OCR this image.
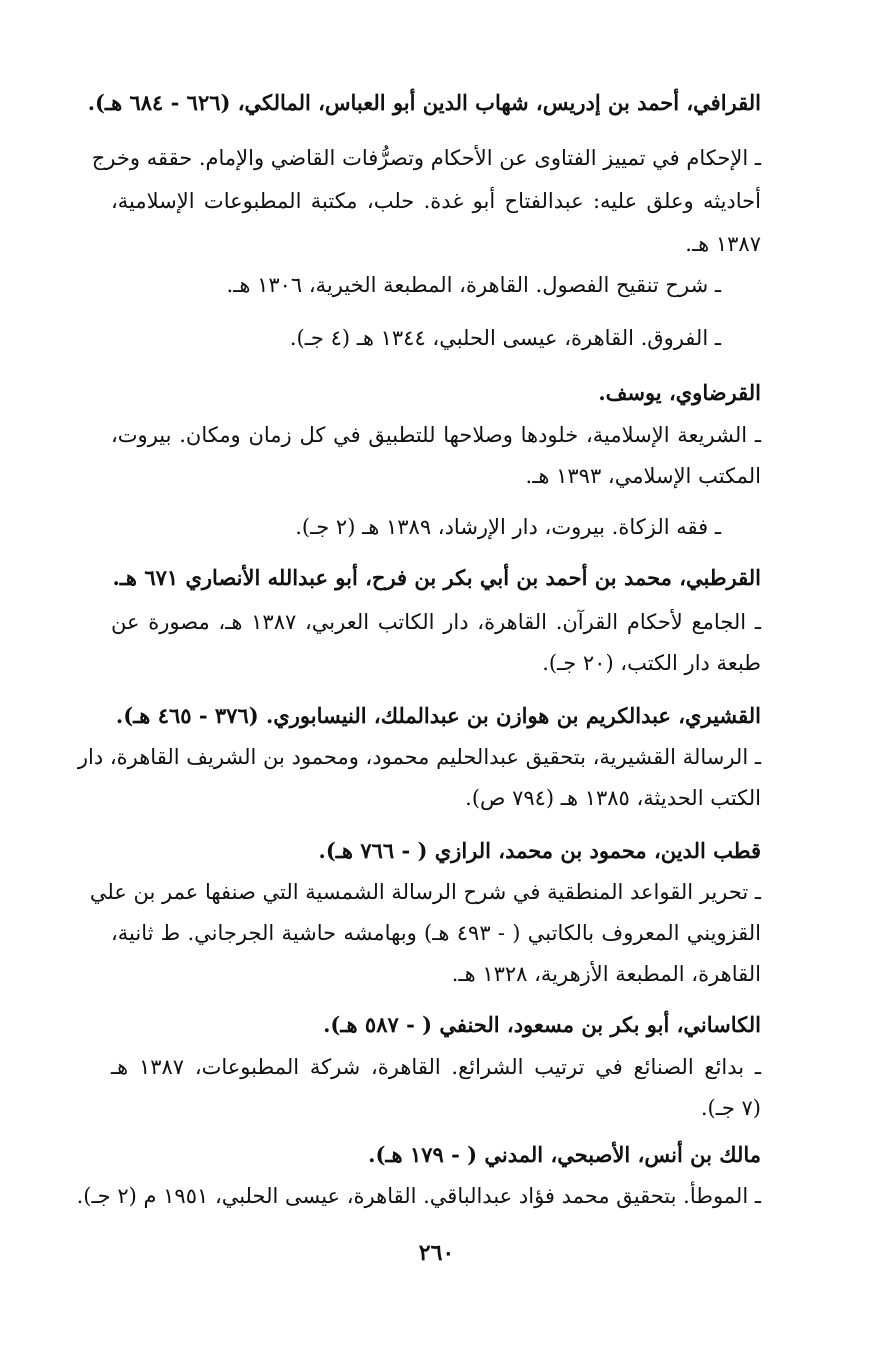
القرافي، أحمد بن إدريس، شهاب الدين أبو العباس، المالكي، (٦٢٦ - ٦٨٤ هـ).
ـ الإحكام في تمييز الفتاوى عن الأحكام وتصرُّفات القاضي والإمام. حققه وخرج
أحاديثه وعلق عليه: عبدالفتاح أبو غدة. حلب، مكتبة المطبوعات الإسلامية،
١٣٨٧ هـ.
ـ شرح تنقيح الفصول. القاهرة، المطبعة الخيرية، ١٣٠٦ هـ.
ـ الفروق. القاهرة، عيسى الحلبي، ١٣٤٤ هـ (٤ جـ).
القرضاوي، يوسف.
ـ الشريعة الإسلامية، خلودها وصلاحها للتطبيق في كل زمان ومكان. بيروت،
المكتب الإسلامي، ١٣٩٣ هـ.
ـ فقه الزكاة. بيروت، دار الإرشاد، ١٣٨٩ هـ (٢ جـ).
القرطبي، محمد بن أحمد بن أبي بكر بن فرح، أبو عبدالله الأنصاري ٦٧١ هـ.
ـ الجامع لأحكام القرآن. القاهرة، دار الكاتب العربي، ١٣٨٧ هـ، مصورة عن
طبعة دار الكتب، (٢٠ جـ).
القشيري، عبدالكريم بن هوازن بن عبدالملك، النيسابوري. (٣٧٦ - ٤٦٥ هـ).
ـ الرسالة القشيرية، بتحقيق عبدالحليم محمود، ومحمود بن الشريف القاهرة، دار
الكتب الحديثة، ١٣٨٥ هـ (٧٩٤ ص).
قطب الدين، محمود بن محمد، الرازي ( - ٧٦٦ هـ).
ـ تحرير القواعد المنطقية في شرح الرسالة الشمسية التي صنفها عمر بن علي
القزويني المعروف بالكاتبي ( - ٤٩٣ هـ) وبهامشه حاشية الجرجاني. ط ثانية،
القاهرة، المطبعة الأزهرية، ١٣٢٨ هـ.
الكاساني، أبو بكر بن مسعود، الحنفي ( - ٥٨٧ هـ).
ـ بدائع الصنائع في ترتيب الشرائع. القاهرة، شركة المطبوعات، ١٣٨٧ هـ
(٧ جـ).
مالك بن أنس، الأصبحي، المدني ( - ١٧٩ هـ).
ـ الموطأ. بتحقيق محمد فؤاد عبدالباقي. القاهرة، عيسى الحلبي، ١٩٥١ م (٢ جـ).
٢٦٠
